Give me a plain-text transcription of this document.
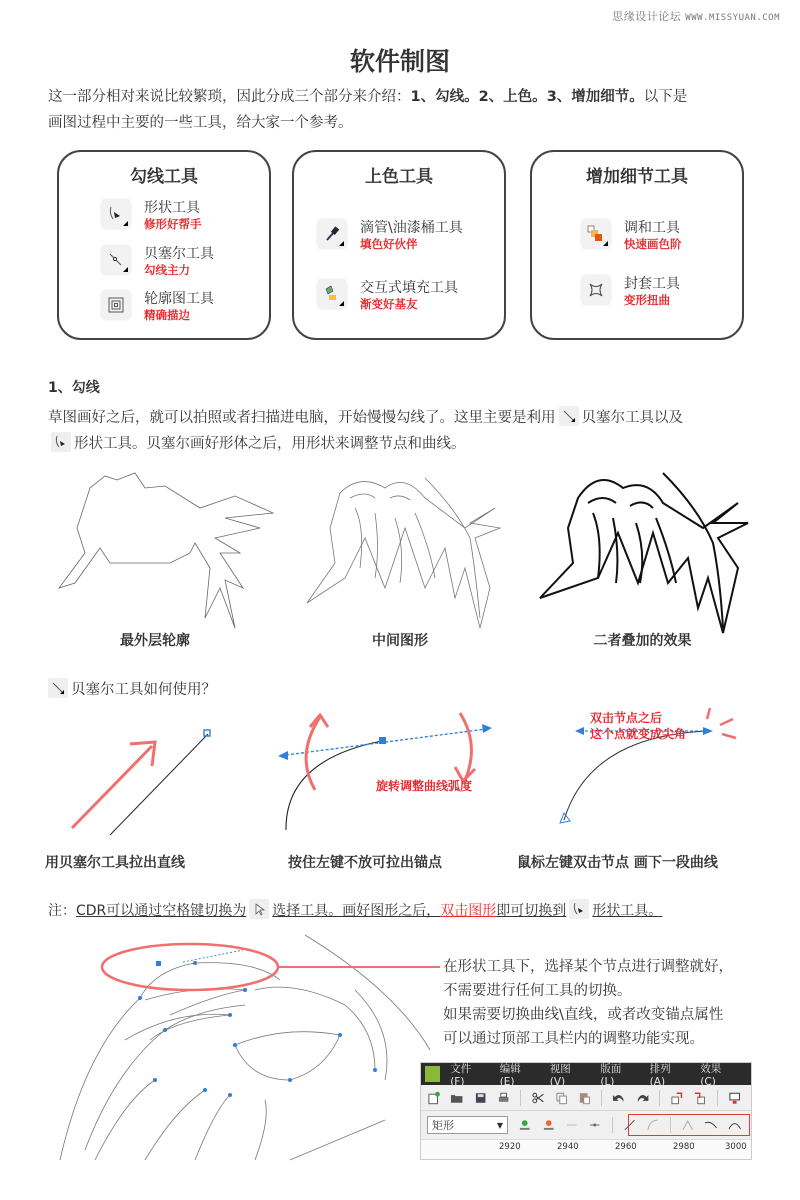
思缘设计论坛 WWW.MISSYUAN.COM
软件制图
这一部分相对来说比较繁琐，因此分成三个部分来介绍：1、勾线。2、上色。3、增加细节。以下是
画图过程中主要的一些工具，给大家一个参考。
勾线工具
形状工具
修形好帮手
贝塞尔工具
勾线主力
轮廓图工具
精确描边
上色工具
滴管\油漆桶工具
填色好伙伴
交互式填充工具
渐变好基友
增加细节工具
调和工具
快速画色阶
封套工具
变形扭曲
1、勾线
草图画好之后，就可以拍照或者扫描进电脑，开始慢慢勾线了。这里主要是利用 贝塞尔工具以及

形状工具。贝塞尔画好形体之后，用形状来调整节点和曲线。
最外层轮廓	中间图形	二者叠加的效果
贝塞尔工具如何使用？
旋转调整曲线弧度
双击节点之后
这个点就变成尖角
用贝塞尔工具拉出直线	按住左键不放可拉出锚点	鼠标左键双击节点 画下一段曲线
注：CDR可以通过空格键切换为 选择工具。画好图形之后，双击图形即可切换到 形状工具。
在形状工具下，选择某个节点进行调整就好，
不需要进行任何工具的切换。
如果需要切换曲线\直线，或者改变锚点属性
可以通过顶部工具栏内的调整功能实现。
文件(F)
编辑(E)
视图(V)
版面(L)
排列(A)
效果(C)
矩形	▼
2920	2940	2960	2980	3000
